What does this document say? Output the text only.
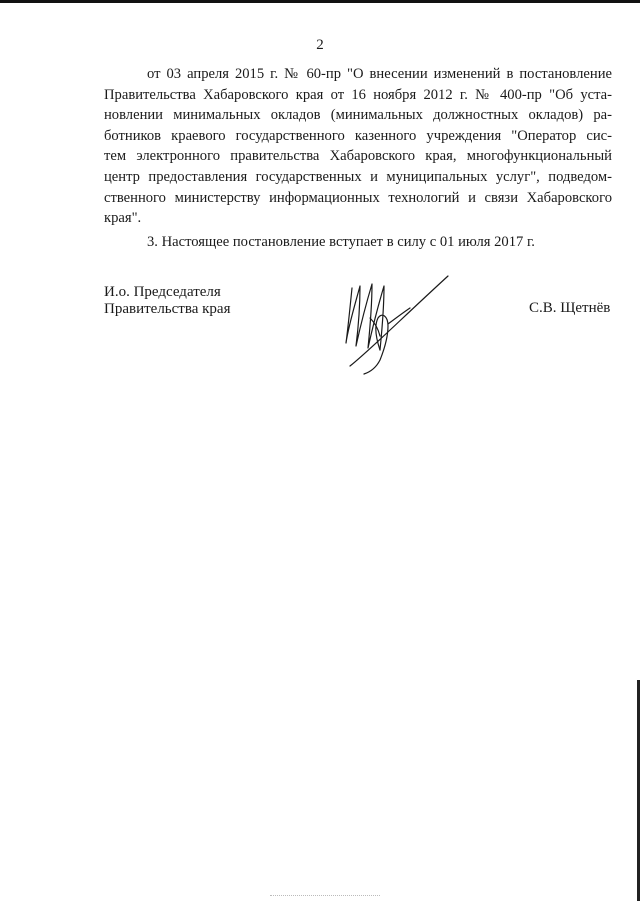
2
от 03 апреля 2015 г. № 60-пр "О внесении изменений в постановление
Правительства Хабаровского края от 16 ноября 2012 г. № 400-пр "Об уста-
новлении минимальных окладов (минимальных должностных окладов) ра-
ботников краевого государственного казенного учреждения "Оператор сис-
тем электронного правительства Хабаровского края, многофункциональный
центр предоставления государственных и муниципальных услуг", подведом-
ственного министерству информационных технологий и связи Хабаровского
края".
3. Настоящее постановление вступает в силу с 01 июля 2017 г.
И.о. Председателя
Правительства края	С.В. Щетнёв
